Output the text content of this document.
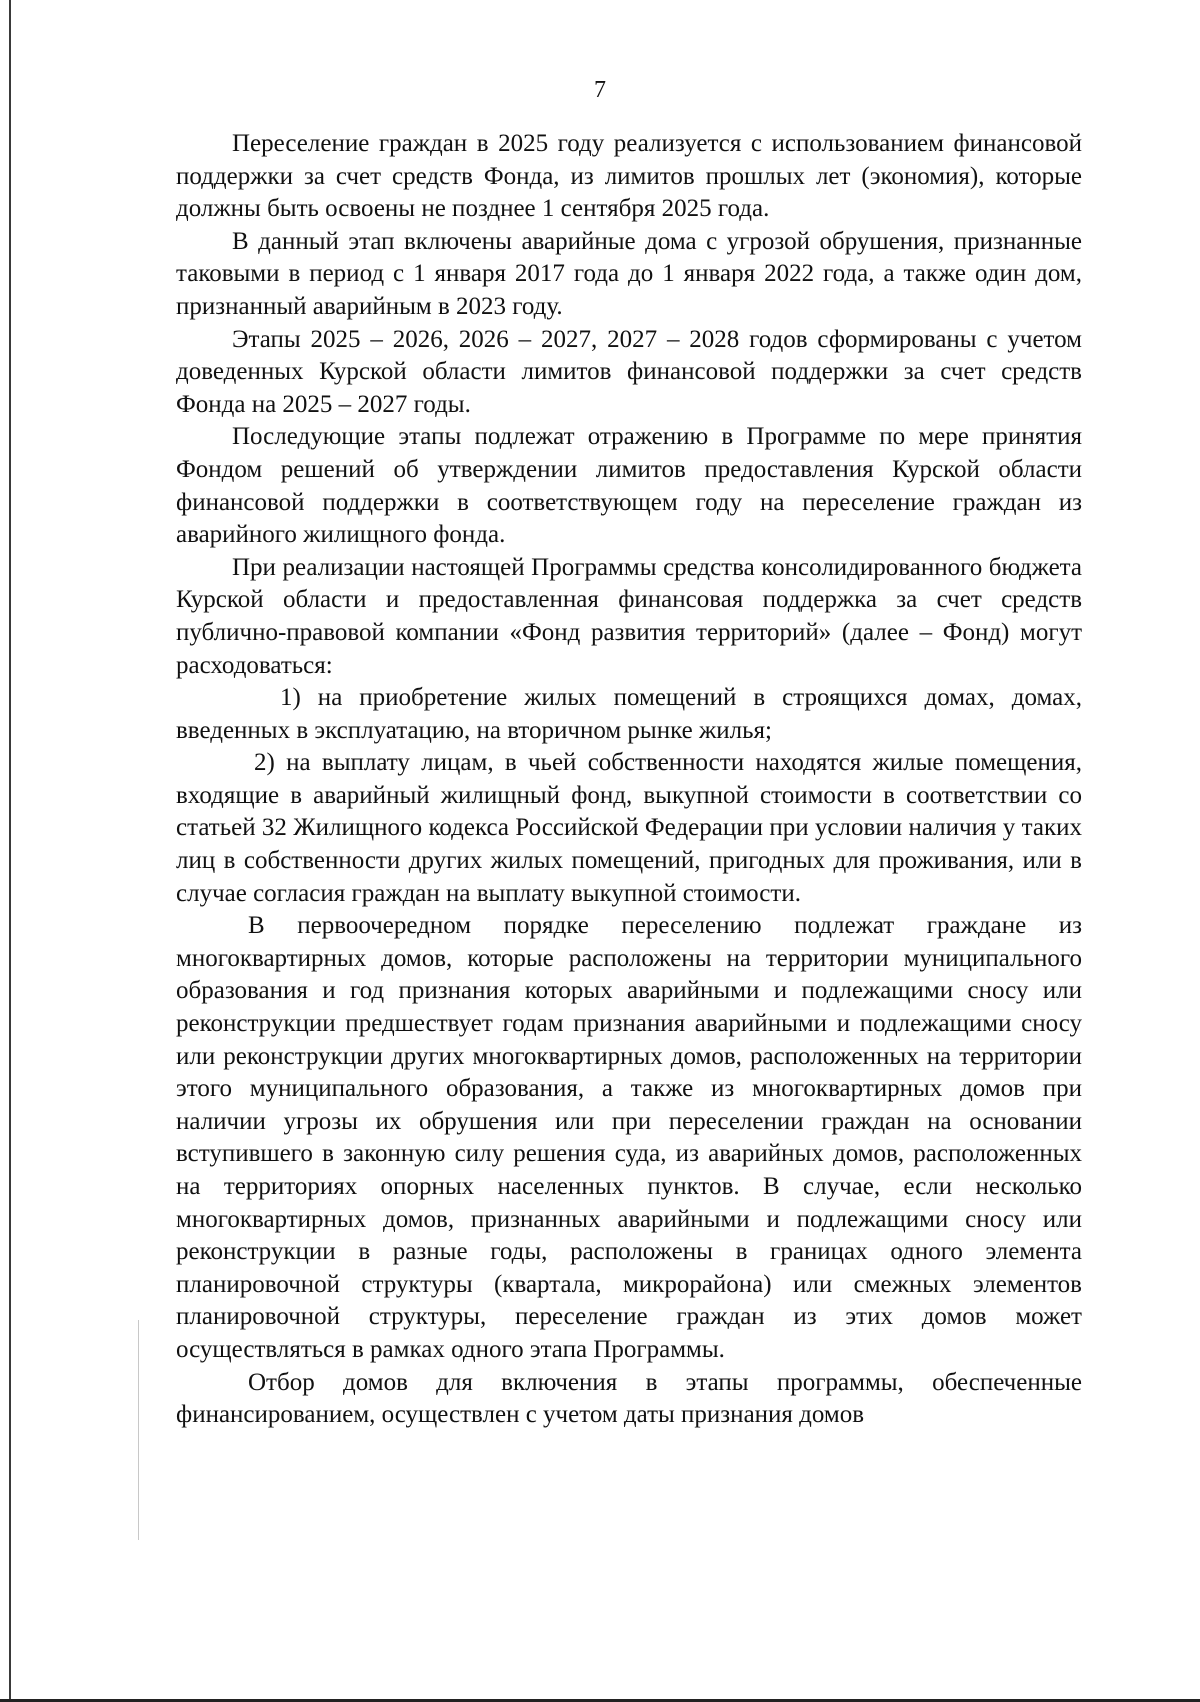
7

Переселение граждан в 2025 году реализуется с использованием финансовой поддержки за счет средств Фонда, из лимитов прошлых лет (экономия), которые должны быть освоены не позднее 1 сентября 2025 года.

В данный этап включены аварийные дома с угрозой обрушения, признанные таковыми в период с 1 января 2017 года до 1 января 2022 года, а также один дом, признанный аварийным в 2023 году.

Этапы 2025 – 2026, 2026 – 2027, 2027 – 2028 годов сформированы с учетом доведенных Курской области лимитов финансовой поддержки за счет средств Фонда на 2025 – 2027 годы.

Последующие этапы подлежат отражению в Программе по мере принятия Фондом решений об утверждении лимитов предоставления Курской области финансовой поддержки в соответствующем году на переселение граждан из аварийного жилищного фонда.

При реализации настоящей Программы средства консолидированного бюджета Курской области и предоставленная финансовая поддержка за счет средств публично-правовой компании «Фонд развития территорий» (далее – Фонд) могут расходоваться:

1) на приобретение жилых помещений в строящихся домах, домах, введенных в эксплуатацию, на вторичном рынке жилья;

2) на выплату лицам, в чьей собственности находятся жилые помещения, входящие в аварийный жилищный фонд, выкупной стоимости в соответствии со статьей 32 Жилищного кодекса Российской Федерации при условии наличия у таких лиц в собственности других жилых помещений, пригодных для проживания, или в случае согласия граждан на выплату выкупной стоимости.

В первоочередном порядке переселению подлежат граждане из многоквартирных домов, которые расположены на территории муниципального образования и год признания которых аварийными и подлежащими сносу или реконструкции предшествует годам признания аварийными и подлежащими сносу или реконструкции других многоквартирных домов, расположенных на территории этого муниципального образования, а также из многоквартирных домов при наличии угрозы их обрушения или при переселении граждан на основании вступившего в законную силу решения суда, из аварийных домов, расположенных на территориях опорных населенных пунктов. В случае, если несколько многоквартирных домов, признанных аварийными и подлежащими сносу или реконструкции в разные годы, расположены в границах одного элемента планировочной структуры (квартала, микрорайона) или смежных элементов планировочной структуры, переселение граждан из этих домов может осуществляться в рамках одного этапа Программы.

Отбор домов для включения в этапы программы, обеспеченные финансированием, осуществлен с учетом даты признания домов
